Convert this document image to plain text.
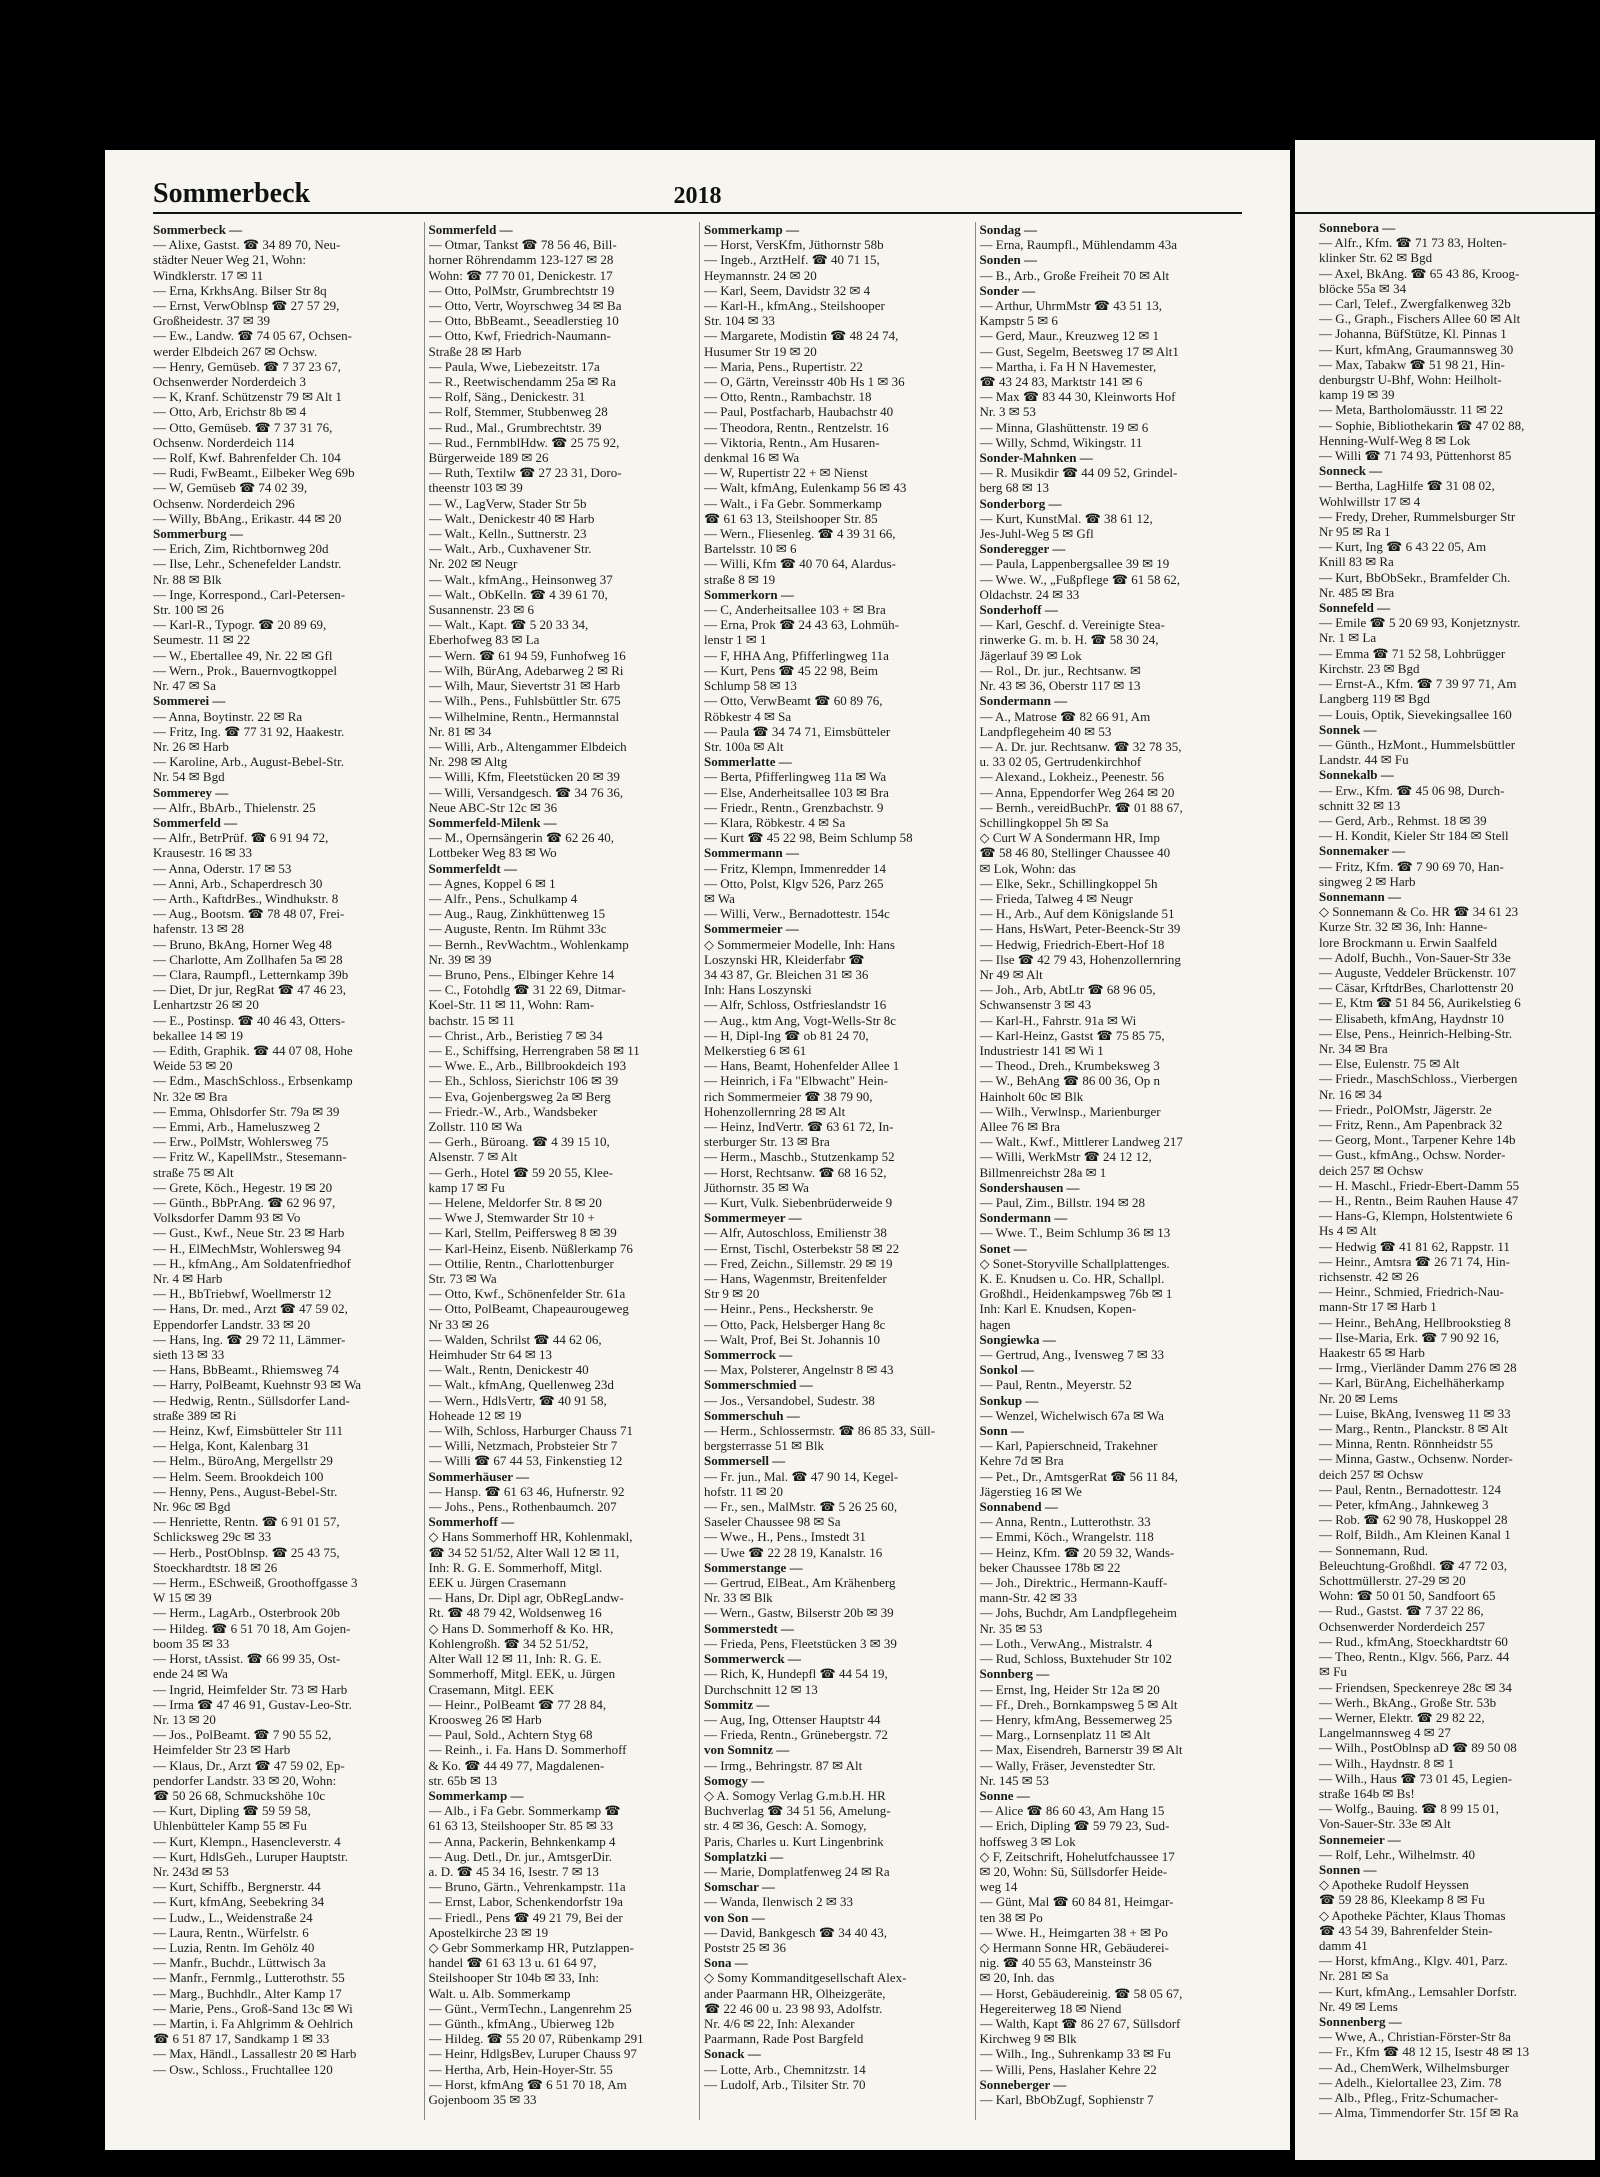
Sommerbeck	2018
Sommerbeck —
— Alixe, Gastst. ☎ 34 89 70, Neu-
städter Neuer Weg 21, Wohn:
Windklerstr. 17 ✉ 11
— Erna, KrkhsAng. Bilser Str 8q
— Ernst, VerwOblnsp ☎ 27 57 29,
Großheidestr. 37 ✉ 39
— Ew., Landw. ☎ 74 05 67, Ochsen-
werder Elbdeich 267 ✉ Ochsw.
— Henry, Gemüseb. ☎ 7 37 23 67,
Ochsenwerder Norderdeich 3
— K, Kranf. Schützenstr 79 ✉ Alt 1
— Otto, Arb, Erichstr 8b ✉ 4
— Otto, Gemüseb. ☎ 7 37 31 76,
Ochsenw. Norderdeich 114
— Rolf, Kwf. Bahrenfelder Ch. 104
— Rudi, FwBeamt., Eilbeker Weg 69b
— W, Gemüseb ☎ 74 02 39,
Ochsenw. Norderdeich 296
— Willy, BbAng., Erikastr. 44 ✉ 20
Sommerburg —
— Erich, Zim, Richtbornweg 20d
— Ilse, Lehr., Schenefelder Landstr.
Nr. 88 ✉ Blk
— Inge, Korrespond., Carl-Petersen-
Str. 100 ✉ 26
— Karl-R., Typogr. ☎ 20 89 69,
Seumestr. 11 ✉ 22
— W., Ebertallee 49, Nr. 22 ✉ Gfl
— Wern., Prok., Bauernvogtkoppel
Nr. 47 ✉ Sa
Sommerei —
— Anna, Boytinstr. 22 ✉ Ra
— Fritz, Ing. ☎ 77 31 92, Haakestr.
Nr. 26 ✉ Harb
— Karoline, Arb., August-Bebel-Str.
Nr. 54 ✉ Bgd
Sommerey —
— Alfr., BbArb., Thielenstr. 25
Sommerfeld —
— Alfr., BetrPrüf. ☎ 6 91 94 72,
Krausestr. 16 ✉ 33
— Anna, Oderstr. 17 ✉ 53
— Anni, Arb., Schaperdresch 30
— Arth., KaftdrBes., Windhukstr. 8
— Aug., Bootsm. ☎ 78 48 07, Frei-
hafenstr. 13 ✉ 28
— Bruno, BkAng, Horner Weg 48
— Charlotte, Am Zollhafen 5a ✉ 28
— Clara, Raumpfl., Letternkamp 39b
— Diet, Dr jur, RegRat ☎ 47 46 23,
Lenhartzstr 26 ✉ 20
— E., Postinsp. ☎ 40 46 43, Otters-
bekallee 14 ✉ 19
— Edith, Graphik. ☎ 44 07 08, Hohe
Weide 53 ✉ 20
— Edm., MaschSchloss., Erbsenkamp
Nr. 32e ✉ Bra
— Emma, Ohlsdorfer Str. 79a ✉ 39
— Emmi, Arb., Hameluszweg 2
— Erw., PolMstr, Wohlersweg 75
— Fritz W., KapellMstr., Stesemann-
straße 75 ✉ Alt
— Grete, Köch., Hegestr. 19 ✉ 20
— Günth., BbPrAng. ☎ 62 96 97,
Volksdorfer Damm 93 ✉ Vo
— Gust., Kwf., Neue Str. 23 ✉ Harb
— H., ElMechMstr, Wohlersweg 94
— H., kfmAng., Am Soldatenfriedhof
Nr. 4 ✉ Harb
— H., BbTriebwf, Woellmerstr 12
— Hans, Dr. med., Arzt ☎ 47 59 02,
Eppendorfer Landstr. 33 ✉ 20
— Hans, Ing. ☎ 29 72 11, Lämmer-
sieth 13 ✉ 33
— Hans, BbBeamt., Rhiemsweg 74
— Harry, PolBeamt, Kuehnstr 93 ✉ Wa
— Hedwig, Rentn., Süllsdorfer Land-
straße 389 ✉ Ri
— Heinz, Kwf, Eimsbütteler Str 111
— Helga, Kont, Kalenbarg 31
— Helm., BüroAng, Mergellstr 29
— Helm. Seem. Brookdeich 100
— Henny, Pens., August-Bebel-Str.
Nr. 96c ✉ Bgd
— Henriette, Rentn. ☎ 6 91 01 57,
Schlicksweg 29c ✉ 33
— Herb., PostOblnsp. ☎ 25 43 75,
Stoeckhardtstr. 18 ✉ 26
— Herm., ESchweiß, Groothoffgasse 3
W 15 ✉ 39
— Herm., LagArb., Osterbrook 20b
— Hildeg. ☎ 6 51 70 18, Am Gojen-
boom 35 ✉ 33
— Horst, tAssist. ☎ 66 99 35, Ost-
ende 24 ✉ Wa
— Ingrid, Heimfelder Str. 73 ✉ Harb
— Irma ☎ 47 46 91, Gustav-Leo-Str.
Nr. 13 ✉ 20
— Jos., PolBeamt. ☎ 7 90 55 52,
Heimfelder Str 23 ✉ Harb
— Klaus, Dr., Arzt ☎ 47 59 02, Ep-
pendorfer Landstr. 33 ✉ 20, Wohn:
☎ 50 26 68, Schmuckshöhe 10c
— Kurt, Dipling ☎ 59 59 58,
Uhlenbütteler Kamp 55 ✉ Fu
— Kurt, Klempn., Hasencleverstr. 4
— Kurt, HdlsGeh., Luruper Hauptstr.
Nr. 243d ✉ 53
— Kurt, Schiffb., Bergnerstr. 44
— Kurt, kfmAng, Seebekring 34
— Ludw., L., Weidenstraße 24
— Laura, Rentn., Würfelstr. 6
— Luzia, Rentn. Im Gehölz 40
— Manfr., Buchdr., Lüttwisch 3a
— Manfr., Fernmlg., Lutterothstr. 55
— Marg., Buchhdlr., Alter Kamp 17
— Marie, Pens., Groß-Sand 13c ✉ Wi
— Martin, i. Fa Ahlgrimm & Oehlrich
☎ 6 51 87 17, Sandkamp 1 ✉ 33
— Max, Händl., Lassallestr 20 ✉ Harb
— Osw., Schloss., Fruchtallee 120
Sommerfeld —
— Otmar, Tankst ☎ 78 56 46, Bill-
horner Röhrendamm 123-127 ✉ 28
Wohn: ☎ 77 70 01, Denickestr. 17
— Otto, PolMstr, Grumbrechtstr 19
— Otto, Vertr, Woyrschweg 34 ✉ Ba
— Otto, BbBeamt., Seeadlerstieg 10
— Otto, Kwf, Friedrich-Naumann-
Straße 28 ✉ Harb
— Paula, Wwe, Liebezeitstr. 17a
— R., Reetwischendamm 25a ✉ Ra
— Rolf, Säng., Denickestr. 31
— Rolf, Stemmer, Stubbenweg 28
— Rud., Mal., Grumbrechtstr. 39
— Rud., FernmblHdw. ☎ 25 75 92,
Bürgerweide 189 ✉ 26
— Ruth, Textilw ☎ 27 23 31, Doro-
theenstr 103 ✉ 39
— W., LagVerw, Stader Str 5b
— Walt., Denickestr 40 ✉ Harb
— Walt., Kelln., Suttnerstr. 23
— Walt., Arb., Cuxhavener Str.
Nr. 202 ✉ Neugr
— Walt., kfmAng., Heinsonweg 37
— Walt., ObKelln. ☎ 4 39 61 70,
Susannenstr. 23 ✉ 6
— Walt., Kapt. ☎ 5 20 33 34,
Eberhofweg 83 ✉ La
— Wern. ☎ 61 94 59, Funhofweg 16
— Wilh, BürAng, Adebarweg 2 ✉ Ri
— Wilh, Maur, Sievertstr 31 ✉ Harb
— Wilh., Pens., Fuhlsbüttler Str. 675
— Wilhelmine, Rentn., Hermannstal
Nr. 81 ✉ 34
— Willi, Arb., Altengammer Elbdeich
Nr. 298 ✉ Altg
— Willi, Kfm, Fleetstücken 20 ✉ 39
— Willi, Versandgesch. ☎ 34 76 36,
Neue ABC-Str 12c ✉ 36
Sommerfeld-Milenk —
— M., Opernsängerin ☎ 62 26 40,
Lottbeker Weg 83 ✉ Wo
Sommerfeldt —
— Agnes, Koppel 6 ✉ 1
— Alfr., Pens., Schulkamp 4
— Aug., Raug, Zinkhüttenweg 15
— Auguste, Rentn. Im Rühmt 33c
— Bernh., RevWachtm., Wohlenkamp
Nr. 39 ✉ 39
— Bruno, Pens., Elbinger Kehre 14
— C., Fotohdlg ☎ 31 22 69, Ditmar-
Koel-Str. 11 ✉ 11, Wohn: Ram-
bachstr. 15 ✉ 11
— Christ., Arb., Beristieg 7 ✉ 34
— E., Schiffsing, Herrengraben 58 ✉ 11
— Wwe. E., Arb., Billbrookdeich 193
— Eh., Schloss, Sierichstr 106 ✉ 39
— Eva, Gojenbergsweg 2a ✉ Berg
— Friedr.-W., Arb., Wandsbeker
Zollstr. 110 ✉ Wa
— Gerh., Büroang. ☎ 4 39 15 10,
Alsenstr. 7 ✉ Alt
— Gerh., Hotel ☎ 59 20 55, Klee-
kamp 17 ✉ Fu
— Helene, Meldorfer Str. 8 ✉ 20
— Wwe J, Stemwarder Str 10 +
— Karl, Stellm, Peiffersweg 8 ✉ 39
— Karl-Heinz, Eisenb. Nüßlerkamp 76
— Ottilie, Rentn., Charlottenburger
Str. 73 ✉ Wa
— Otto, Kwf., Schönenfelder Str. 61a
— Otto, PolBeamt, Chapeaurougeweg
Nr 33 ✉ 26
— Walden, Schrilst ☎ 44 62 06,
Heimhuder Str 64 ✉ 13
— Walt., Rentn, Denickestr 40
— Walt., kfmAng, Quellenweg 23d
— Wern., HdlsVertr, ☎ 40 91 58,
Hoheade 12 ✉ 19
— Wilh, Schloss, Harburger Chauss 71
— Willi, Netzmach, Probsteier Str 7
— Willi ☎ 67 44 53, Finkenstieg 12
Sommerhäuser —
— Hansp. ☎ 61 63 46, Hufnerstr. 92
— Johs., Pens., Rothenbaumch. 207
Sommerhoff —
◇ Hans Sommerhoff HR, Kohlenmakl,
☎ 34 52 51/52, Alter Wall 12 ✉ 11,
Inh: R. G. E. Sommerhoff, Mitgl.
EEK u. Jürgen Crasemann
— Hans, Dr. Dipl agr, ObRegLandw-
Rt. ☎ 48 79 42, Woldsenweg 16
◇ Hans D. Sommerhoff & Ko. HR,
Kohlengroßh. ☎ 34 52 51/52,
Alter Wall 12 ✉ 11, Inh: R. G. E.
Sommerhoff, Mitgl. EEK, u. Jürgen
Crasemann, Mitgl. EEK
— Heinr., PolBeamt ☎ 77 28 84,
Kroosweg 26 ✉ Harb
— Paul, Sold., Achtern Styg 68
— Reinh., i. Fa. Hans D. Sommerhoff
& Ko. ☎ 44 49 77, Magdalenen-
str. 65b ✉ 13
Sommerkamp —
— Alb., i Fa Gebr. Sommerkamp ☎
61 63 13, Steilshooper Str. 85 ✉ 33
— Anna, Packerin, Behnkenkamp 4
— Aug. Detl., Dr. jur., AmtsgerDir.
a. D. ☎ 45 34 16, Isestr. 7 ✉ 13
— Bruno, Gärtn., Vehrenkampstr. 11a
— Ernst, Labor, Schenkendorfstr 19a
— Friedl., Pens ☎ 49 21 79, Bei der
Apostelkirche 23 ✉ 19
◇ Gebr Sommerkamp HR, Putzlappen-
handel ☎ 61 63 13 u. 61 64 97,
Steilshooper Str 104b ✉ 33, Inh:
Walt. u. Alb. Sommerkamp
— Günt., VermTechn., Langenrehm 25
— Günth., kfmAng., Ubierweg 12b
— Hildeg. ☎ 55 20 07, Rübenkamp 291
— Heinr, HdlgsBev, Luruper Chauss 97
— Hertha, Arb, Hein-Hoyer-Str. 55
— Horst, kfmAng ☎ 6 51 70 18, Am
Gojenboom 35 ✉ 33
Sommerkamp —
— Horst, VersKfm, Jüthornstr 58b
— Ingeb., ArztHelf. ☎ 40 71 15,
Heymannstr. 24 ✉ 20
— Karl, Seem, Davidstr 32 ✉ 4
— Karl-H., kfmAng., Steilshooper
Str. 104 ✉ 33
— Margarete, Modistin ☎ 48 24 74,
Husumer Str 19 ✉ 20
— Maria, Pens., Rupertistr. 22
— O, Gärtn, Vereinsstr 40b Hs 1 ✉ 36
— Otto, Rentn., Rambachstr. 18
— Paul, Postfacharb, Haubachstr 40
— Theodora, Rentn., Rentzelstr. 16
— Viktoria, Rentn., Am Husaren-
denkmal 16 ✉ Wa
— W, Rupertistr 22 + ✉ Nienst
— Walt, kfmAng, Eulenkamp 56 ✉ 43
— Walt., i Fa Gebr. Sommerkamp
☎ 61 63 13, Steilshooper Str. 85
— Wern., Fliesenleg. ☎ 4 39 31 66,
Bartelsstr. 10 ✉ 6
— Willi, Kfm ☎ 40 70 64, Alardus-
straße 8 ✉ 19
Sommerkorn —
— C, Anderheitsallee 103 + ✉ Bra
— Erna, Prok ☎ 24 43 63, Lohmüh-
lenstr 1 ✉ 1
— F, HHA Ang, Pfifferlingweg 11a
— Kurt, Pens ☎ 45 22 98, Beim
Schlump 58 ✉ 13
— Otto, VerwBeamt ☎ 60 89 76,
Röbkestr 4 ✉ Sa
— Paula ☎ 34 74 71, Eimsbütteler
Str. 100a ✉ Alt
Sommerlatte —
— Berta, Pfifferlingweg 11a ✉ Wa
— Else, Anderheitsallee 103 ✉ Bra
— Friedr., Rentn., Grenzbachstr. 9
— Klara, Röbkestr. 4 ✉ Sa
— Kurt ☎ 45 22 98, Beim Schlump 58
Sommermann —
— Fritz, Klempn, Immenredder 14
— Otto, Polst, Klgv 526, Parz 265
✉ Wa
— Willi, Verw., Bernadottestr. 154c
Sommermeier —
◇ Sommermeier Modelle, Inh: Hans
Loszynski HR, Kleiderfabr ☎
34 43 87, Gr. Bleichen 31 ✉ 36
Inh: Hans Loszynski
— Alfr, Schloss, Ostfrieslandstr 16
— Aug., ktm Ang, Vogt-Wells-Str 8c
— H, Dipl-Ing ☎ ob 81 24 70,
Melkerstieg 6 ✉ 61
— Hans, Beamt, Hohenfelder Allee 1
— Heinrich, i Fa "Elbwacht" Hein-
rich Sommermeier ☎ 38 79 90,
Hohenzollernring 28 ✉ Alt
— Heinz, IndVertr. ☎ 63 61 72, In-
sterburger Str. 13 ✉ Bra
— Herm., Maschb., Stutzenkamp 52
— Horst, Rechtsanw. ☎ 68 16 52,
Jüthornstr. 35 ✉ Wa
— Kurt, Vulk. Siebenbrüderweide 9
Sommermeyer —
— Alfr, Autoschloss, Emilienstr 38
— Ernst, Tischl, Osterbekstr 58 ✉ 22
— Fred, Zeichn., Sillemstr. 29 ✉ 19
— Hans, Wagenmstr, Breitenfelder
Str 9 ✉ 20
— Heinr., Pens., Hecksherstr. 9e
— Otto, Pack, Helsberger Hang 8c
— Walt, Prof, Bei St. Johannis 10
Sommerrock —
— Max, Polsterer, Angelnstr 8 ✉ 43
Sommerschmied —
— Jos., Versandobel, Sudestr. 38
Sommerschuh —
— Herm., Schlossermstr. ☎ 86 85 33, Süll-
bergsterrasse 51 ✉ Blk
Sommersell —
— Fr. jun., Mal. ☎ 47 90 14, Kegel-
hofstr. 11 ✉ 20
— Fr., sen., MalMstr. ☎ 5 26 25 60,
Saseler Chaussee 98 ✉ Sa
— Wwe., H., Pens., Imstedt 31
— Uwe ☎ 22 28 19, Kanalstr. 16
Sommerstange —
— Gertrud, ElBeat., Am Krähenberg
Nr. 33 ✉ Blk
— Wern., Gastw, Bilserstr 20b ✉ 39
Sommerstedt —
— Frieda, Pens, Fleetstücken 3 ✉ 39
Sommerwerck —
— Rich, K, Hundepfl ☎ 44 54 19,
Durchschnitt 12 ✉ 13
Sommitz —
— Aug, Ing, Ottenser Hauptstr 44
— Frieda, Rentn., Grünebergstr. 72
von Somnitz —
— Irmg., Behringstr. 87 ✉ Alt
Somogy —
◇ A. Somogy Verlag G.m.b.H. HR
Buchverlag ☎ 34 51 56, Amelung-
str. 4 ✉ 36, Gesch: A. Somogy,
Paris, Charles u. Kurt Lingenbrink
Somplatzki —
— Marie, Domplatfenweg 24 ✉ Ra
Somschar —
— Wanda, Ilenwisch 2 ✉ 33
von Son —
— David, Bankgesch ☎ 34 40 43,
Poststr 25 ✉ 36
Sona —
◇ Somy Kommanditgesellschaft Alex-
ander Paarmann HR, Olheizgeräte,
☎ 22 46 00 u. 23 98 93, Adolfstr.
Nr. 4/6 ✉ 22, Inh: Alexander
Paarmann, Rade Post Bargfeld
Sonack —
— Lotte, Arb., Chemnitzstr. 14
— Ludolf, Arb., Tilsiter Str. 70
Sondag —
— Erna, Raumpfl., Mühlendamm 43a
Sonden —
— B., Arb., Große Freiheit 70 ✉ Alt
Sonder —
— Arthur, UhrmMstr ☎ 43 51 13,
Kampstr 5 ✉ 6
— Gerd, Maur., Kreuzweg 12 ✉ 1
— Gust, Segelm, Beetsweg 17 ✉ Alt1
— Martha, i. Fa H N Havemester,
☎ 43 24 83, Marktstr 141 ✉ 6
— Max ☎ 83 44 30, Kleinworts Hof
Nr. 3 ✉ 53
— Minna, Glashüttenstr. 19 ✉ 6
— Willy, Schmd, Wikingstr. 11
Sonder-Mahnken —
— R. Musikdir ☎ 44 09 52, Grindel-
berg 68 ✉ 13
Sonderborg —
— Kurt, KunstMal. ☎ 38 61 12,
Jes-Juhl-Weg 5 ✉ Gfl
Sonderegger —
— Paula, Lappenbergsallee 39 ✉ 19
— Wwe. W., „Fußpflege ☎ 61 58 62,
Oldachstr. 24 ✉ 33
Sonderhoff —
— Karl, Geschf. d. Vereinigte Stea-
rinwerke G. m. b. H. ☎ 58 30 24,
Jägerlauf 39 ✉ Lok
— Rol., Dr. jur., Rechtsanw. ✉
Nr. 43 ✉ 36, Oberstr 117 ✉ 13
Sondermann —
— A., Matrose ☎ 82 66 91, Am
Landpflegeheim 40 ✉ 53
— A. Dr. jur. Rechtsanw. ☎ 32 78 35,
u. 33 02 05, Gertrudenkirchhof
— Alexand., Lokheiz., Peenestr. 56
— Anna, Eppendorfer Weg 264 ✉ 20
— Bernh., vereidBuchPr. ☎ 01 88 67,
Schillingkoppel 5h ✉ Sa
◇ Curt W A Sondermann HR, Imp
☎ 58 46 80, Stellinger Chaussee 40
✉ Lok, Wohn: das
— Elke, Sekr., Schillingkoppel 5h
— Frieda, Talweg 4 ✉ Neugr
— H., Arb., Auf dem Königslande 51
— Hans, HsWart, Peter-Beenck-Str 39
— Hedwig, Friedrich-Ebert-Hof 18
— Ilse ☎ 42 79 43, Hohenzollernring
Nr 49 ✉ Alt
— Joh., Arb, AbtLtr ☎ 68 96 05,
Schwansenstr 3 ✉ 43
— Karl-H., Fahrstr. 91a ✉ Wi
— Karl-Heinz, Gastst ☎ 75 85 75,
Industriestr 141 ✉ Wi 1
— Theod., Dreh., Krumbeksweg 3
— W., BehAng ☎ 86 00 36, Op n
Hainholt 60c ✉ Blk
— Wilh., Verwlnsp., Marienburger
Allee 76 ✉ Bra
— Walt., Kwf., Mittlerer Landweg 217
— Willi, WerkMstr ☎ 24 12 12,
Billmenreichstr 28a ✉ 1
Sondershausen —
— Paul, Zim., Billstr. 194 ✉ 28
Sondermann —
— Wwe. T., Beim Schlump 36 ✉ 13
Sonet —
◇ Sonet-Storyville Schallplattenges.
K. E. Knudsen u. Co. HR, Schallpl.
Großhdl., Heidenkampsweg 76b ✉ 1
Inh: Karl E. Knudsen, Kopen-
hagen
Songiewka —
— Gertrud, Ang., Ivensweg 7 ✉ 33
Sonkol —
— Paul, Rentn., Meyerstr. 52
Sonkup —
— Wenzel, Wichelwisch 67a ✉ Wa
Sonn —
— Karl, Papierschneid, Trakehner
Kehre 7d ✉ Bra
— Pet., Dr., AmtsgerRat ☎ 56 11 84,
Jägerstieg 16 ✉ We
Sonnabend —
— Anna, Rentn., Lutterothstr. 33
— Emmi, Köch., Wrangelstr. 118
— Heinz, Kfm. ☎ 20 59 32, Wands-
beker Chaussee 178b ✉ 22
— Joh., Direktric., Hermann-Kauff-
mann-Str. 42 ✉ 33
— Johs, Buchdr, Am Landpflegeheim
Nr. 35 ✉ 53
— Loth., VerwAng., Mistralstr. 4
— Rud, Schloss, Buxtehuder Str 102
Sonnberg —
— Ernst, Ing, Heider Str 12a ✉ 20
— Ff., Dreh., Bornkampsweg 5 ✉ Alt
— Henry, kfmAng, Bessemerweg 25
— Marg., Lornsenplatz 11 ✉ Alt
— Max, Eisendreh, Barnerstr 39 ✉ Alt
— Wally, Fräser, Jevenstedter Str.
Nr. 145 ✉ 53
Sonne —
— Alice ☎ 86 60 43, Am Hang 15
— Erich, Dipling ☎ 59 79 23, Sud-
hoffsweg 3 ✉ Lok
◇ F, Zeitschrift, Hohelutfchaussee 17
✉ 20, Wohn: Sü, Süllsdorfer Heide-
weg 14
— Günt, Mal ☎ 60 84 81, Heimgar-
ten 38 ✉ Po
— Wwe. H., Heimgarten 38 + ✉ Po
◇ Hermann Sonne HR, Gebäuderei-
nig. ☎ 40 55 63, Mansteinstr 36
✉ 20, Inh. das
— Horst, Gebäudereinig. ☎ 58 05 67,
Hegereiterweg 18 ✉ Niend
— Walth, Kapt ☎ 86 27 67, Süllsdorf
Kirchweg 9 ✉ Blk
— Wilh., Ing., Suhrenkamp 33 ✉ Fu
— Willi, Pens, Haslaher Kehre 22
Sonneberger —
— Karl, BbObZugf, Sophienstr 7
Sonnebora —
— Alfr., Kfm. ☎ 71 73 83, Holten-
klinker Str. 62 ✉ Bgd
— Axel, BkAng. ☎ 65 43 86, Kroog-
blöcke 55a ✉ 34
— Carl, Telef., Zwergfalkenweg 32b
— G., Graph., Fischers Allee 60 ✉ Alt
— Johanna, BüfStütze, Kl. Pinnas 1
— Kurt, kfmAng, Graumannsweg 30
— Max, Tabakw ☎ 51 98 21, Hin-
denburgstr U-Bhf, Wohn: Heilholt-
kamp 19 ✉ 39
— Meta, Bartholomäusstr. 11 ✉ 22
— Sophie, Bibliothekarin ☎ 47 02 88,
Henning-Wulf-Weg 8 ✉ Lok
— Willi ☎ 71 74 93, Püttenhorst 85
Sonneck —
— Bertha, LagHilfe ☎ 31 08 02,
Wohlwillstr 17 ✉ 4
— Fredy, Dreher, Rummelsburger Str
Nr 95 ✉ Ra 1
— Kurt, Ing ☎ 6 43 22 05, Am
Knill 83 ✉ Ra
— Kurt, BbObSekr., Bramfelder Ch.
Nr. 485 ✉ Bra
Sonnefeld —
— Emile ☎ 5 20 69 93, Konjetznystr.
Nr. 1 ✉ La
— Emma ☎ 71 52 58, Lohbrügger
Kirchstr. 23 ✉ Bgd
— Ernst-A., Kfm. ☎ 7 39 97 71, Am
Langberg 119 ✉ Bgd
— Louis, Optik, Sievekingsallee 160
Sonnek —
— Günth., HzMont., Hummelsbüttler
Landstr. 44 ✉ Fu
Sonnekalb —
— Erw., Kfm. ☎ 45 06 98, Durch-
schnitt 32 ✉ 13
— Gerd, Arb., Rehmst. 18 ✉ 39
— H. Kondit, Kieler Str 184 ✉ Stell
Sonnemaker —
— Fritz, Kfm. ☎ 7 90 69 70, Han-
singweg 2 ✉ Harb
Sonnemann —
◇ Sonnemann & Co. HR ☎ 34 61 23
Kurze Str. 32 ✉ 36, Inh: Hanne-
lore Brockmann u. Erwin Saalfeld
— Adolf, Buchh., Von-Sauer-Str 33e
— Auguste, Veddeler Brückenstr. 107
— Cäsar, KrftdrBes, Charlottenstr 20
— E, Ktm ☎ 51 84 56, Aurikelstieg 6
— Elisabeth, kfmAng, Haydnstr 10
— Else, Pens., Heinrich-Helbing-Str.
Nr. 34 ✉ Bra
— Else, Eulenstr. 75 ✉ Alt
— Friedr., MaschSchloss., Vierbergen
Nr. 16 ✉ 34
— Friedr., PolOMstr, Jägerstr. 2e
— Fritz, Renn., Am Papenbrack 32
— Georg, Mont., Tarpener Kehre 14b
— Gust., kfmAng., Ochsw. Norder-
deich 257 ✉ Ochsw
— H. Maschl., Friedr-Ebert-Damm 55
— H., Rentn., Beim Rauhen Hause 47
— Hans-G, Klempn, Holstentwiete 6
Hs 4 ✉ Alt
— Hedwig ☎ 41 81 62, Rappstr. 11
— Heinr., Amtsra ☎ 26 71 74, Hin-
richsenstr. 42 ✉ 26
— Heinr., Schmied, Friedrich-Nau-
mann-Str 17 ✉ Harb 1
— Heinr., BehAng, Hellbrookstieg 8
— Ilse-Maria, Erk. ☎ 7 90 92 16,
Haakestr 65 ✉ Harb
— Irmg., Vierländer Damm 276 ✉ 28
— Karl, BürAng, Eichelhäherkamp
Nr. 20 ✉ Lems
— Luise, BkAng, Ivensweg 11 ✉ 33
— Marg., Rentn., Planckstr. 8 ✉ Alt
— Minna, Rentn. Rönnheidstr 55
— Minna, Gastw., Ochsenw. Norder-
deich 257 ✉ Ochsw
— Paul, Rentn., Bernadottestr. 124
— Peter, kfmAng., Jahnkeweg 3
— Rob. ☎ 62 90 78, Huskoppel 28
— Rolf, Bildh., Am Kleinen Kanal 1
— Sonnemann, Rud.
Beleuchtung-Großhdl. ☎ 47 72 03,
Schottmüllerstr. 27-29 ✉ 20
Wohn: ☎ 50 01 50, Sandfoort 65
— Rud., Gastst. ☎ 7 37 22 86,
Ochsenwerder Norderdeich 257
— Rud., kfmAng, Stoeckhardtstr 60
— Theo, Rentn., Klgv. 566, Parz. 44
✉ Fu
— Friendsen, Speckenreye 28c ✉ 34
— Werh., BkAng., Große Str. 53b
— Werner, Elektr. ☎ 29 82 22,
Langelmannsweg 4 ✉ 27
— Wilh., PostOblnsp aD ☎ 89 50 08
— Wilh., Haydnstr. 8 ✉ 1
— Wilh., Haus ☎ 73 01 45, Legien-
straße 164b ✉ Bs!
— Wolfg., Bauing. ☎ 8 99 15 01,
Von-Sauer-Str. 33e ✉ Alt
Sonnemeier —
— Rolf, Lehr., Wilhelmstr. 40
Sonnen —
◇ Apotheke Rudolf Heyssen
☎ 59 28 86, Kleekamp 8 ✉ Fu
◇ Apotheke Pächter, Klaus Thomas
☎ 43 54 39, Bahrenfelder Stein-
damm 41
— Horst, kfmAng., Klgv. 401, Parz.
Nr. 281 ✉ Sa
— Kurt, kfmAng., Lemsahler Dorfstr.
Nr. 49 ✉ Lems
Sonnenberg —
— Wwe, A., Christian-Förster-Str 8a
— Fr., Kfm ☎ 48 12 15, Isestr 48 ✉ 13
— Ad., ChemWerk, Wilhelmsburger
— Adelh., Kielortallee 23, Zim. 78
— Alb., Pfleg., Fritz-Schumacher-
— Alma, Timmendorfer Str. 15f ✉ Ra
